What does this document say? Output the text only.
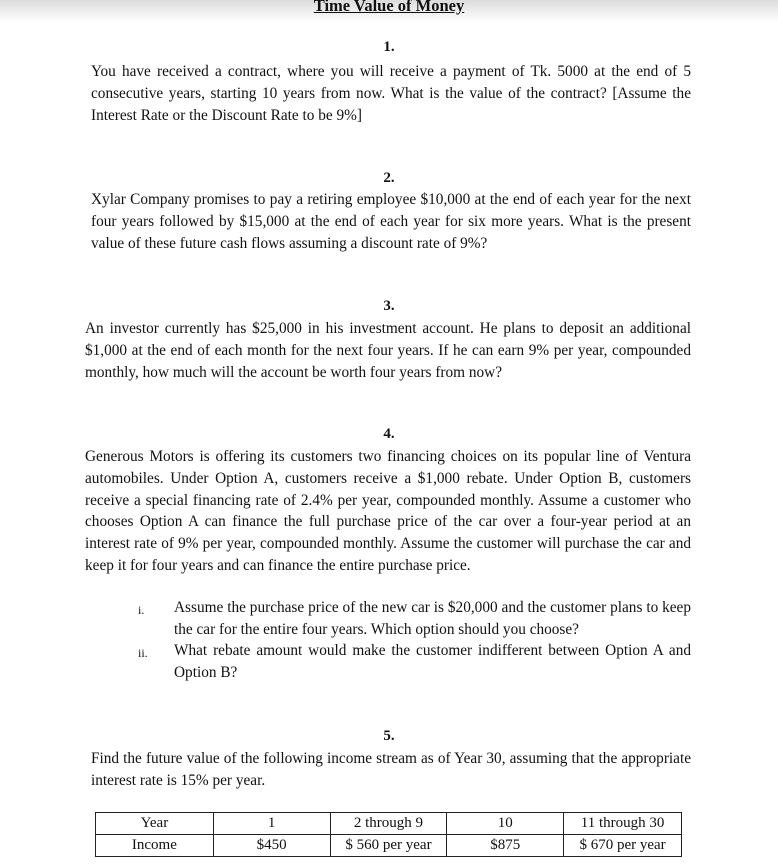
Time Value of Money
1.

You have received a contract, where you will receive a payment of Tk. 5000 at the end of 5 consecutive years, starting 10 years from now. What is the value of the contract? [Assume the Interest Rate or the Discount Rate to be 9%]

2.

Xylar Company promises to pay a retiring employee $10,000 at the end of each year for the next four years followed by $15,000 at the end of each year for six more years. What is the present value of these future cash flows assuming a discount rate of 9%?

3.

An investor currently has $25,000 in his investment account. He plans to deposit an additional $1,000 at the end of each month for the next four years. If he can earn 9% per year, compounded monthly, how much will the account be worth four years from now?

4.

Generous Motors is offering its customers two financing choices on its popular line of Ventura automobiles. Under Option A, customers receive a $1,000 rebate. Under Option B, customers receive a special financing rate of 2.4% per year, compounded monthly. Assume a customer who chooses Option A can finance the full purchase price of the car over a four-year period at an interest rate of 9% per year, compounded monthly. Assume the customer will purchase the car and keep it for four years and can finance the entire purchase price.

i. Assume the purchase price of the new car is $20,000 and the customer plans to keep the car for the entire four years. Which option should you choose?

ii. What rebate amount would make the customer indifferent between Option A and Option B?

5.

Find the future value of the following income stream as of Year 30, assuming that the appropriate interest rate is 15% per year.

Year	1	2 through 9	10	11 through 30
Income	$450	$ 560 per year	$875	$ 670 per year
